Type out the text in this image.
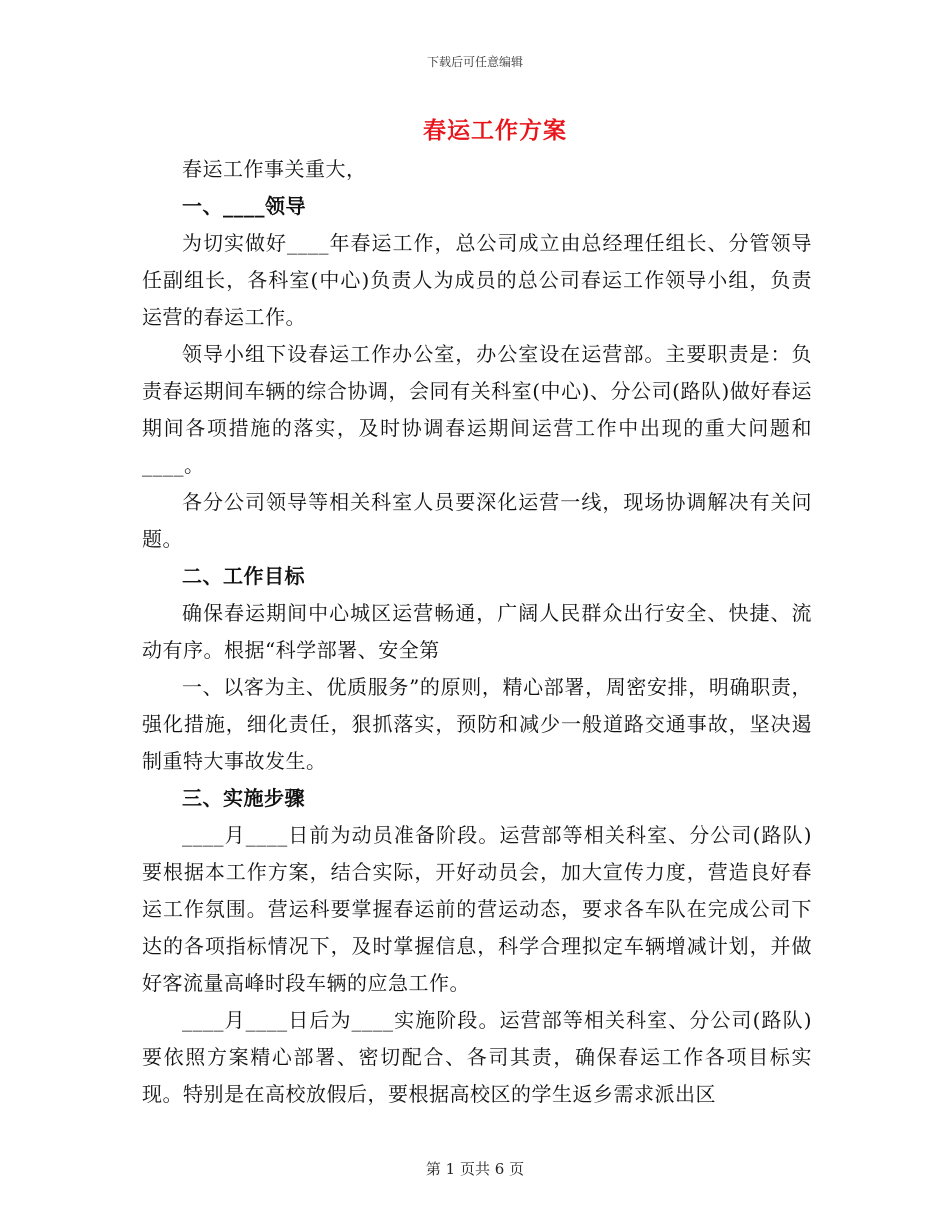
下载后可任意编辑
春运工作方案

春运工作事关重大，

一、____领导

为切实做好____年春运工作，总公司成立由总经理任组长、分管领导任副组长，各科室(中心)负责人为成员的总公司春运工作领导小组，负责运营的春运工作。

领导小组下设春运工作办公室，办公室设在运营部。主要职责是：负责春运期间车辆的综合协调，会同有关科室(中心)、分公司(路队)做好春运期间各项措施的落实，及时协调春运期间运营工作中出现的重大问题和____。

各分公司领导等相关科室人员要深化运营一线，现场协调解决有关问题。

二、工作目标

确保春运期间中心城区运营畅通，广阔人民群众出行安全、快捷、流动有序。根据“科学部署、安全第

一、以客为主、优质服务”的原则，精心部署，周密安排，明确职责，强化措施，细化责任，狠抓落实，预防和减少一般道路交通事故，坚决遏制重特大事故发生。

三、实施步骤

____月____日前为动员准备阶段。运营部等相关科室、分公司(路队)要根据本工作方案，结合实际，开好动员会，加大宣传力度，营造良好春运工作氛围。营运科要掌握春运前的营运动态，要求各车队在完成公司下达的各项指标情况下，及时掌握信息，科学合理拟定车辆增减计划，并做好客流量高峰时段车辆的应急工作。

____月____日后为____实施阶段。运营部等相关科室、分公司(路队)要依照方案精心部署、密切配合、各司其责，确保春运工作各项目标实现。特别是在高校放假后，要根据高校区的学生返乡需求派出区

第 1 页共 6 页
